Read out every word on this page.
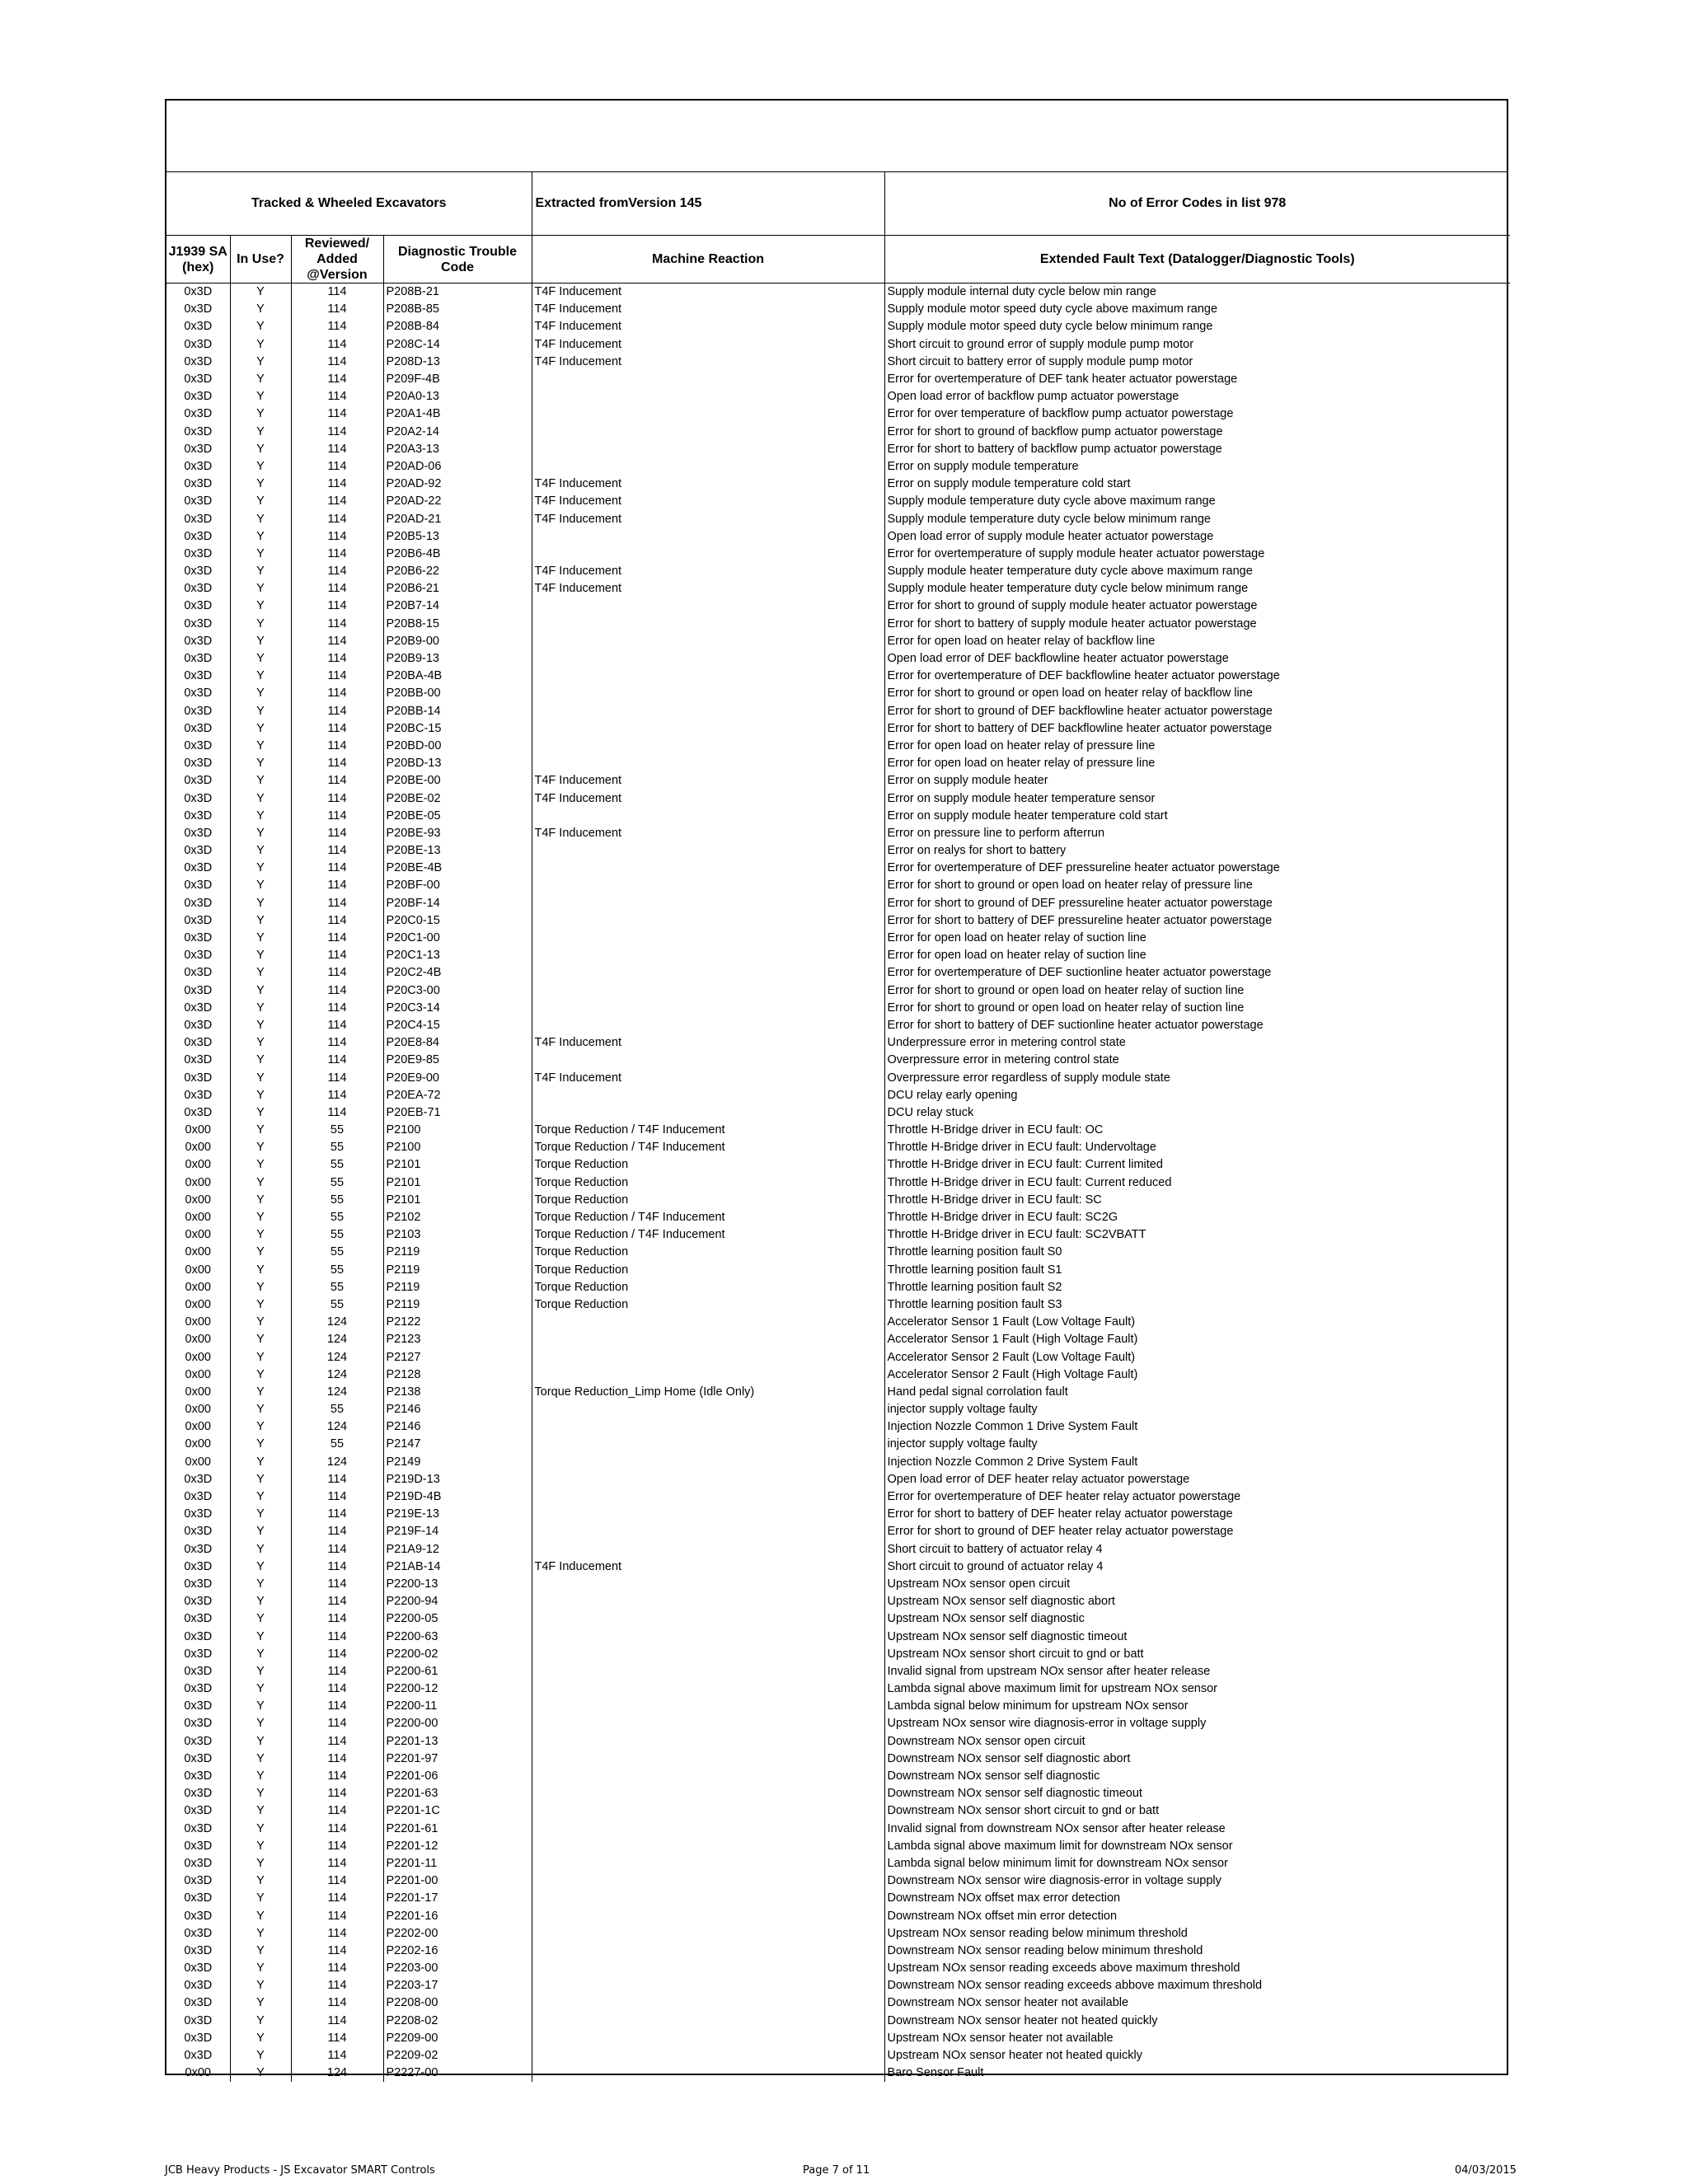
Tracked & Wheeled Excavators				Extracted fromVersion 145	No of Error Codes in list 978
J1939 SA (hex)	In Use?	Reviewed/ Added @Version	Diagnostic Trouble Code	Machine Reaction	Extended Fault Text (Datalogger/Diagnostic Tools)
0x3D	Y	114	P208B-21	T4F Inducement	Supply module internal duty cycle below min range
0x3D	Y	114	P208B-85	T4F Inducement	Supply module motor speed duty cycle above maximum range
0x3D	Y	114	P208B-84	T4F Inducement	Supply module motor speed duty cycle below minimum range
0x3D	Y	114	P208C-14	T4F Inducement	Short circuit to ground error of supply module pump motor
0x3D	Y	114	P208D-13	T4F Inducement	Short circuit to battery error of supply module pump motor
0x3D	Y	114	P209F-4B		Error for overtemperature of DEF tank heater actuator powerstage
0x3D	Y	114	P20A0-13		Open load error of backflow pump actuator powerstage
0x3D	Y	114	P20A1-4B		Error for over temperature of backflow pump actuator powerstage
0x3D	Y	114	P20A2-14		Error for short to ground of backflow pump actuator powerstage
0x3D	Y	114	P20A3-13		Error for short to battery of backflow pump actuator powerstage
0x3D	Y	114	P20AD-06		Error on supply module temperature
0x3D	Y	114	P20AD-92	T4F Inducement	Error on supply module temperature cold start
0x3D	Y	114	P20AD-22	T4F Inducement	Supply module temperature duty cycle above maximum range
0x3D	Y	114	P20AD-21	T4F Inducement	Supply module temperature duty cycle below minimum range
0x3D	Y	114	P20B5-13		Open load error of supply module heater actuator powerstage
0x3D	Y	114	P20B6-4B		Error for overtemperature of supply module heater actuator powerstage
0x3D	Y	114	P20B6-22	T4F Inducement	Supply module heater temperature duty cycle above maximum range
0x3D	Y	114	P20B6-21	T4F Inducement	Supply module heater temperature duty cycle below minimum range
0x3D	Y	114	P20B7-14		Error for short to ground of supply module heater actuator powerstage
0x3D	Y	114	P20B8-15		Error for short to battery of supply module heater actuator powerstage
0x3D	Y	114	P20B9-00		Error for open load on heater relay of backflow line
0x3D	Y	114	P20B9-13		Open load error of DEF backflowline heater actuator powerstage
0x3D	Y	114	P20BA-4B		Error for overtemperature of DEF backflowline heater actuator powerstage
0x3D	Y	114	P20BB-00		Error for short to ground or open load on heater relay of backflow line
0x3D	Y	114	P20BB-14		Error for short to ground of DEF backflowline heater actuator powerstage
0x3D	Y	114	P20BC-15		Error for short to battery of DEF backflowline heater actuator powerstage
0x3D	Y	114	P20BD-00		Error for open load on heater relay of pressure line
0x3D	Y	114	P20BD-13		Error for open load on heater relay of pressure line
0x3D	Y	114	P20BE-00	T4F Inducement	Error on supply module heater
0x3D	Y	114	P20BE-02	T4F Inducement	Error on supply module heater temperature sensor
0x3D	Y	114	P20BE-05		Error on supply module heater temperature cold start
0x3D	Y	114	P20BE-93	T4F Inducement	Error on pressure line to perform afterrun
0x3D	Y	114	P20BE-13		Error on realys for short to battery
0x3D	Y	114	P20BE-4B		Error for overtemperature of DEF pressureline heater actuator powerstage
0x3D	Y	114	P20BF-00		Error for short to ground or open load on heater relay of pressure line
0x3D	Y	114	P20BF-14		Error for short to ground of DEF pressureline heater actuator powerstage
0x3D	Y	114	P20C0-15		Error for short to battery of DEF pressureline heater actuator powerstage
0x3D	Y	114	P20C1-00		Error for open load on heater relay of suction line
0x3D	Y	114	P20C1-13		Error for open load on heater relay of suction line
0x3D	Y	114	P20C2-4B		Error for overtemperature of DEF suctionline heater actuator powerstage
0x3D	Y	114	P20C3-00		Error for short to ground or open load on heater relay of suction line
0x3D	Y	114	P20C3-14		Error for short to ground or open load on heater relay of suction line
0x3D	Y	114	P20C4-15		Error for short to battery of DEF suctionline heater actuator powerstage
0x3D	Y	114	P20E8-84	T4F Inducement	Underpressure error in metering control state
0x3D	Y	114	P20E9-85		Overpressure error in metering control state
0x3D	Y	114	P20E9-00	T4F Inducement	Overpressure error regardless of supply module state
0x3D	Y	114	P20EA-72		DCU relay early opening
0x3D	Y	114	P20EB-71		DCU relay stuck
0x00	Y	55	P2100	Torque Reduction / T4F Inducement	Throttle H-Bridge driver in ECU fault: OC
0x00	Y	55	P2100	Torque Reduction / T4F Inducement	Throttle H-Bridge driver in ECU fault: Undervoltage
0x00	Y	55	P2101	Torque Reduction	Throttle H-Bridge driver in ECU fault: Current limited
0x00	Y	55	P2101	Torque Reduction	Throttle H-Bridge driver in ECU fault: Current reduced
0x00	Y	55	P2101	Torque Reduction	Throttle H-Bridge driver in ECU fault: SC
0x00	Y	55	P2102	Torque Reduction / T4F Inducement	Throttle H-Bridge driver in ECU fault: SC2G
0x00	Y	55	P2103	Torque Reduction / T4F Inducement	Throttle H-Bridge driver in ECU fault: SC2VBATT
0x00	Y	55	P2119	Torque Reduction	Throttle learning position fault S0
0x00	Y	55	P2119	Torque Reduction	Throttle learning position fault S1
0x00	Y	55	P2119	Torque Reduction	Throttle learning position fault S2
0x00	Y	55	P2119	Torque Reduction	Throttle learning position fault S3
0x00	Y	124	P2122		Accelerator Sensor 1 Fault (Low Voltage Fault)
0x00	Y	124	P2123		Accelerator Sensor 1 Fault (High Voltage Fault)
0x00	Y	124	P2127		Accelerator Sensor 2 Fault (Low Voltage Fault)
0x00	Y	124	P2128		Accelerator Sensor 2 Fault (High Voltage Fault)
0x00	Y	124	P2138	Torque Reduction_Limp Home (Idle Only)	Hand pedal signal corrolation fault
0x00	Y	55	P2146		injector supply voltage faulty
0x00	Y	124	P2146		Injection Nozzle Common 1 Drive System Fault
0x00	Y	55	P2147		injector supply voltage faulty
0x00	Y	124	P2149		Injection Nozzle Common 2 Drive System Fault
0x3D	Y	114	P219D-13		Open load error of DEF heater relay actuator powerstage
0x3D	Y	114	P219D-4B		Error for overtemperature of DEF heater relay actuator powerstage
0x3D	Y	114	P219E-13		Error for short to battery of DEF heater relay actuator powerstage
0x3D	Y	114	P219F-14		Error for short to ground of DEF heater relay actuator powerstage
0x3D	Y	114	P21A9-12		Short circuit to battery of actuator relay 4
0x3D	Y	114	P21AB-14	T4F Inducement	Short circuit to ground of actuator relay 4
0x3D	Y	114	P2200-13		Upstream NOx sensor open circuit
0x3D	Y	114	P2200-94		Upstream NOx sensor self diagnostic abort
0x3D	Y	114	P2200-05		Upstream NOx sensor self diagnostic
0x3D	Y	114	P2200-63		Upstream NOx sensor self diagnostic timeout
0x3D	Y	114	P2200-02		Upstream NOx sensor short circuit to gnd or batt
0x3D	Y	114	P2200-61		Invalid signal from upstream NOx sensor after heater release
0x3D	Y	114	P2200-12		Lambda signal above maximum limit for upstream NOx sensor
0x3D	Y	114	P2200-11		Lambda signal below minimum for upstream NOx sensor
0x3D	Y	114	P2200-00		Upstream NOx sensor wire diagnosis-error in voltage supply
0x3D	Y	114	P2201-13		Downstream NOx sensor open circuit
0x3D	Y	114	P2201-97		Downstream NOx sensor self diagnostic abort
0x3D	Y	114	P2201-06		Downstream NOx sensor self diagnostic
0x3D	Y	114	P2201-63		Downstream NOx sensor self diagnostic timeout
0x3D	Y	114	P2201-1C		Downstream NOx sensor short circuit to gnd or batt
0x3D	Y	114	P2201-61		Invalid signal from downstream NOx sensor after heater release
0x3D	Y	114	P2201-12		Lambda signal above maximum limit for downstream NOx sensor
0x3D	Y	114	P2201-11		Lambda signal below minimum limit for downstream NOx sensor
0x3D	Y	114	P2201-00		Downstream NOx sensor wire diagnosis-error in voltage supply
0x3D	Y	114	P2201-17		Downstream NOx offset max error detection
0x3D	Y	114	P2201-16		Downstream NOx offset min error detection
0x3D	Y	114	P2202-00		Upstream NOx sensor reading below minimum threshold
0x3D	Y	114	P2202-16		Downstream NOx sensor reading below minimum threshold
0x3D	Y	114	P2203-00		Upstream NOx sensor reading exceeds above maximum threshold
0x3D	Y	114	P2203-17		Downstream NOx sensor reading exceeds abbove maximum threshold
0x3D	Y	114	P2208-00		Downstream NOx sensor heater not available
0x3D	Y	114	P2208-02		Downstream NOx sensor heater not heated quickly
0x3D	Y	114	P2209-00		Upstream NOx sensor heater not available
0x3D	Y	114	P2209-02		Upstream NOx sensor heater not heated quickly
0x00	Y	124	P2227-00		Baro Sensor Fault
JCB Heavy Products - JS Excavator SMART Controls	Page 7 of 11	04/03/2015
